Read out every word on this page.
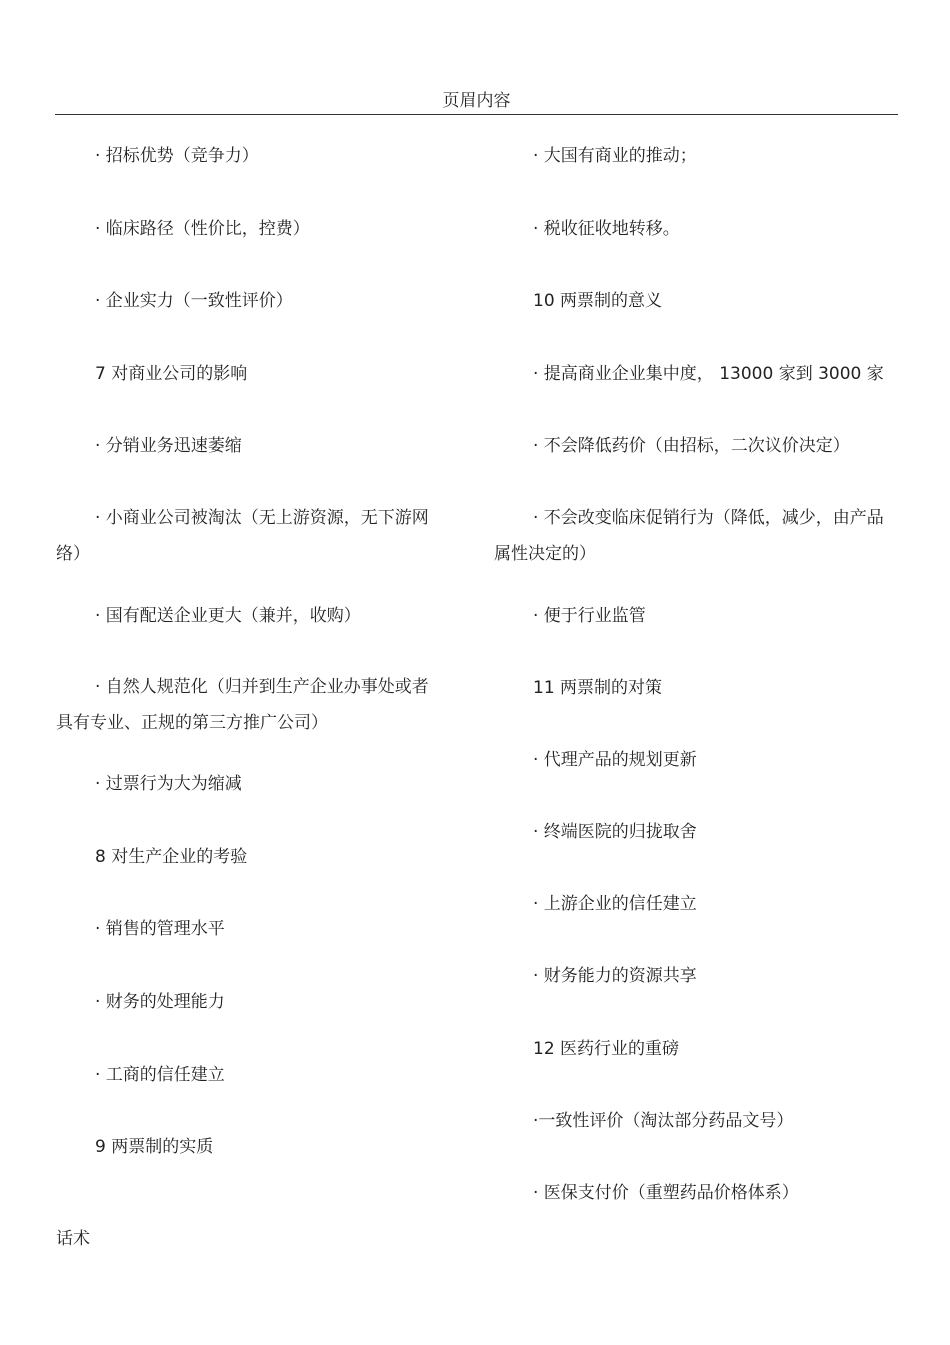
页眉内容
· 招标优势（竞争力）
· 临床路径（性价比，控费）
· 企业实力（一致性评价）
7 对商业公司的影响
· 分销业务迅速萎缩
· 小商业公司被淘汰（无上游资源，无下游网络）
· 国有配送企业更大（兼并，收购）
· 自然人规范化（归并到生产企业办事处或者具有专业、正规的第三方推广公司）
· 过票行为大为缩减
8 对生产企业的考验
· 销售的管理水平
· 财务的处理能力
· 工商的信任建立
9 两票制的实质
· 大国有商业的推动；
· 税收征收地转移。
10 两票制的意义
· 提高商业企业集中度， 13000 家到 3000 家
· 不会降低药价（由招标，二次议价决定）
· 不会改变临床促销行为（降低，减少，由产品属性决定的）
· 便于行业监管
11 两票制的对策
· 代理产品的规划更新
· 终端医院的归拢取舍
· 上游企业的信任建立
· 财务能力的资源共享
12 医药行业的重磅
·一致性评价（淘汰部分药品文号）
· 医保支付价（重塑药品价格体系）
话术
